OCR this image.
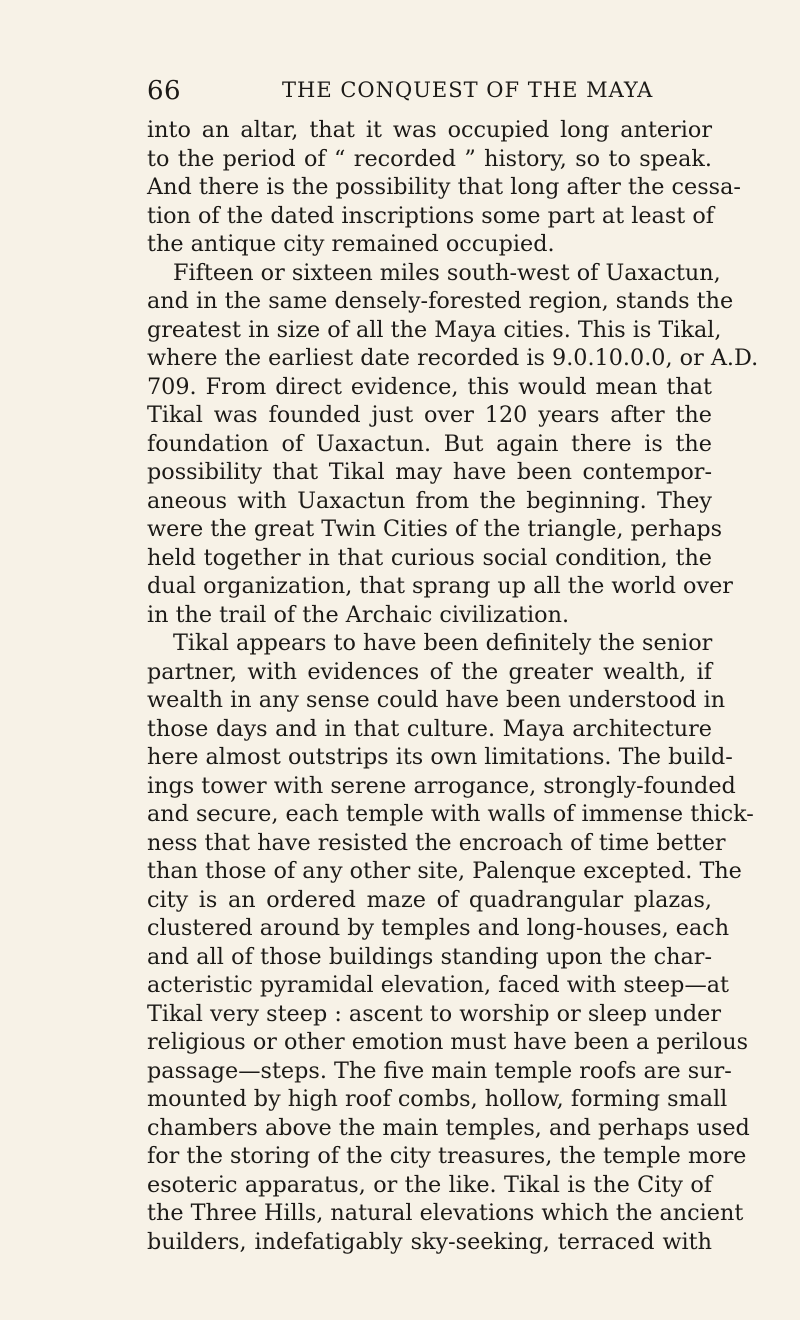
66	THE CONQUEST OF THE MAYA
into an altar, that it was occupied long anterior
to the period of “ recorded ” history, so to speak.
And there is the possibility that long after the cessa-
tion of the dated inscriptions some part at least of
the antique city remained occupied.
Fifteen or sixteen miles south-west of Uaxactun,
and in the same densely-forested region, stands the
greatest in size of all the Maya cities. This is Tikal,
where the earliest date recorded is 9.0.10.0.0, or A.D.
709. From direct evidence, this would mean that
Tikal was founded just over 120 years after the
foundation of Uaxactun. But again there is the
possibility that Tikal may have been contempor-
aneous with Uaxactun from the beginning. They
were the great Twin Cities of the triangle, perhaps
held together in that curious social condition, the
dual organization, that sprang up all the world over
in the trail of the Archaic civilization.
Tikal appears to have been definitely the senior
partner, with evidences of the greater wealth, if
wealth in any sense could have been understood in
those days and in that culture. Maya architecture
here almost outstrips its own limitations. The build-
ings tower with serene arrogance, strongly-founded
and secure, each temple with walls of immense thick-
ness that have resisted the encroach of time better
than those of any other site, Palenque excepted. The
city is an ordered maze of quadrangular plazas,
clustered around by temples and long-houses, each
and all of those buildings standing upon the char-
acteristic pyramidal elevation, faced with steep—at
Tikal very steep : ascent to worship or sleep under
religious or other emotion must have been a perilous
passage—steps. The five main temple roofs are sur-
mounted by high roof combs, hollow, forming small
chambers above the main temples, and perhaps used
for the storing of the city treasures, the temple more
esoteric apparatus, or the like. Tikal is the City of
the Three Hills, natural elevations which the ancient
builders, indefatigably sky-seeking, terraced with
